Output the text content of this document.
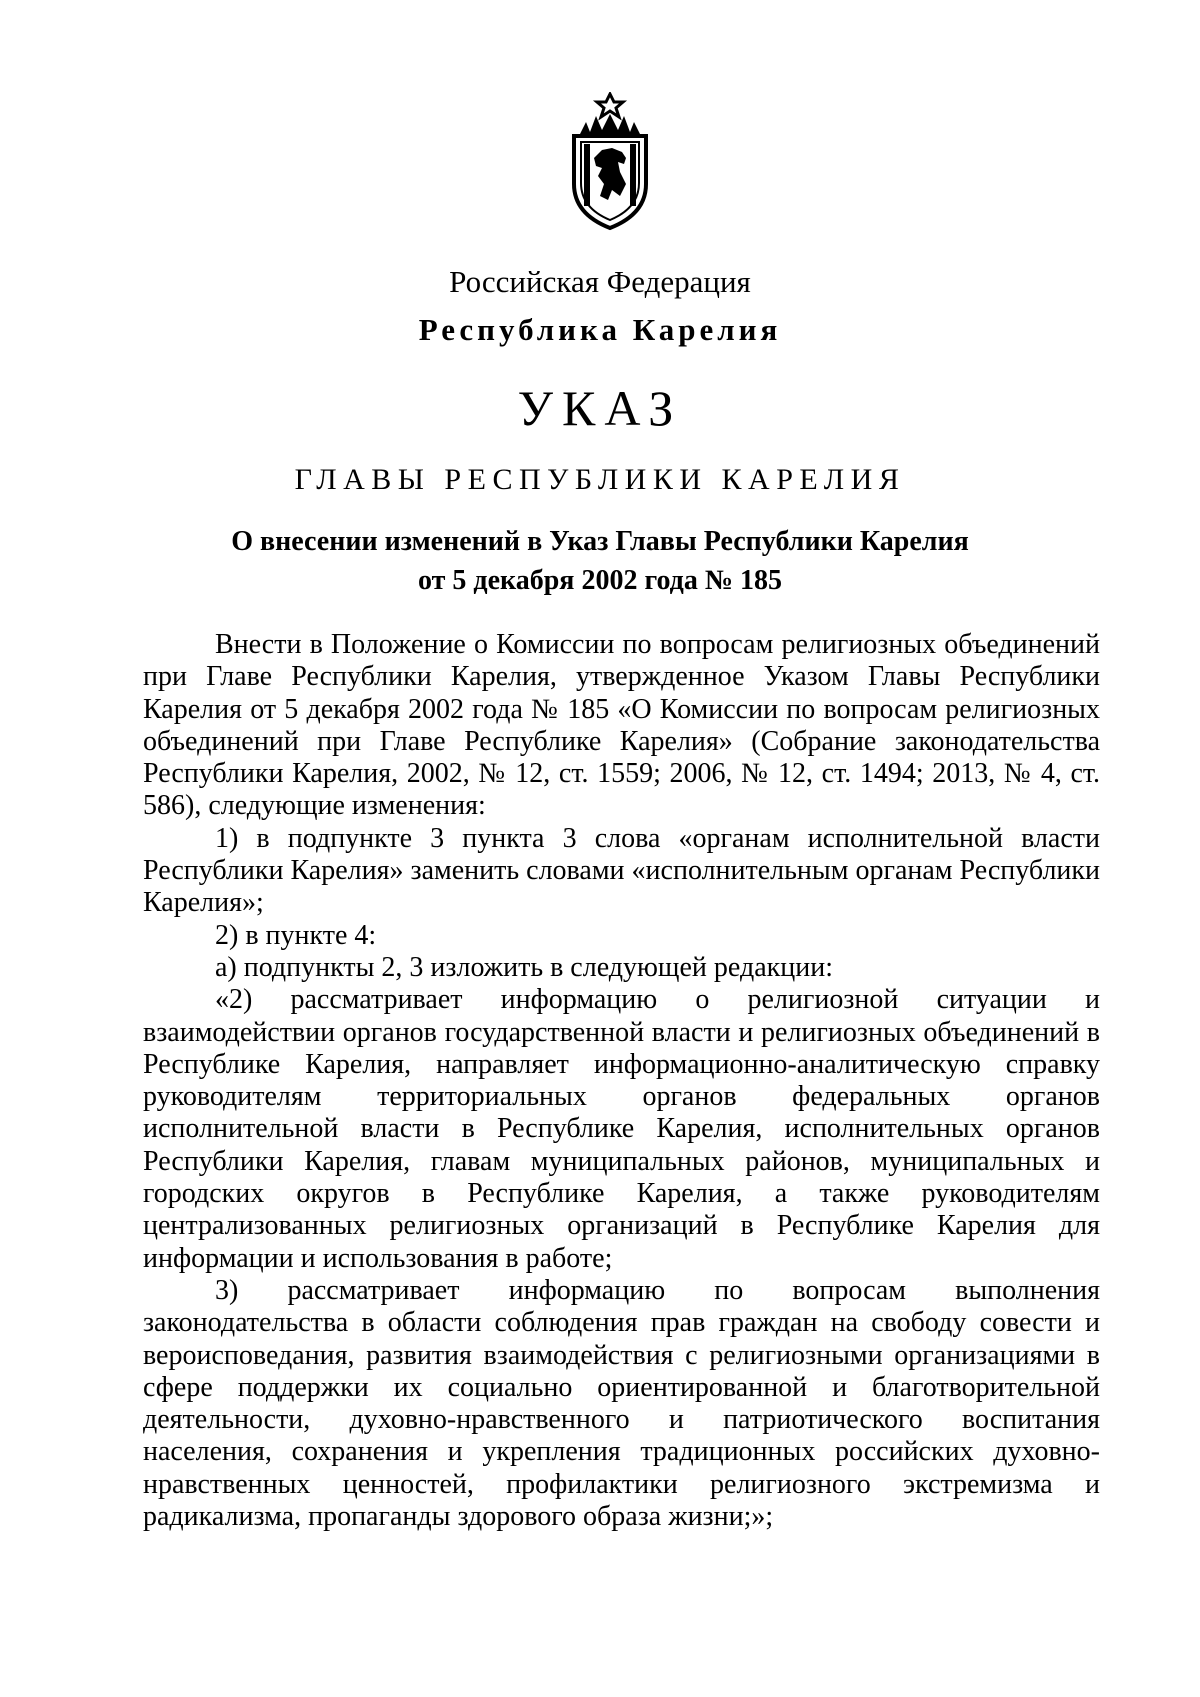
Российская Федерация
Республика Карелия
УКАЗ
ГЛАВЫ РЕСПУБЛИКИ КАРЕЛИЯ
О внесении изменений в Указ Главы Республики Карелия
от 5 декабря 2002 года № 185

Внести в Положение о Комиссии по вопросам религиозных объединений при Главе Республики Карелия, утвержденное Указом Главы Республики Карелия от 5 декабря 2002 года № 185 «О Комиссии по вопросам религиозных объединений при Главе Республике Карелия» (Собрание законодательства Республики Карелия, 2002, № 12, ст. 1559; 2006, № 12, ст. 1494; 2013, № 4, ст. 586), следующие изменения:

1) в подпункте 3 пункта 3 слова «органам исполнительной власти Республики Карелия» заменить словами «исполнительным органам Республики Карелия»;

2) в пункте 4:

а) подпункты 2, 3 изложить в следующей редакции:

«2) рассматривает информацию о религиозной ситуации и взаимодействии органов государственной власти и религиозных объединений в Республике Карелия, направляет информационно-аналитическую справку руководителям территориальных органов федеральных органов исполнительной власти в Республике Карелия, исполнительных органов Республики Карелия, главам муниципальных районов, муниципальных и городских округов в Республике Карелия, а также руководителям централизованных религиозных организаций в Республике Карелия для информации и использования в работе;

3) рассматривает информацию по вопросам выполнения законодательства в области соблюдения прав граждан на свободу совести и вероисповедания, развития взаимодействия с религиозными организациями в сфере поддержки их социально ориентированной и благотворительной деятельности, духовно-нравственного и патриотического воспитания населения, сохранения и укрепления традиционных российских духовно-нравственных ценностей, профилактики религиозного экстремизма и радикализма, пропаганды здорового образа жизни;»;
